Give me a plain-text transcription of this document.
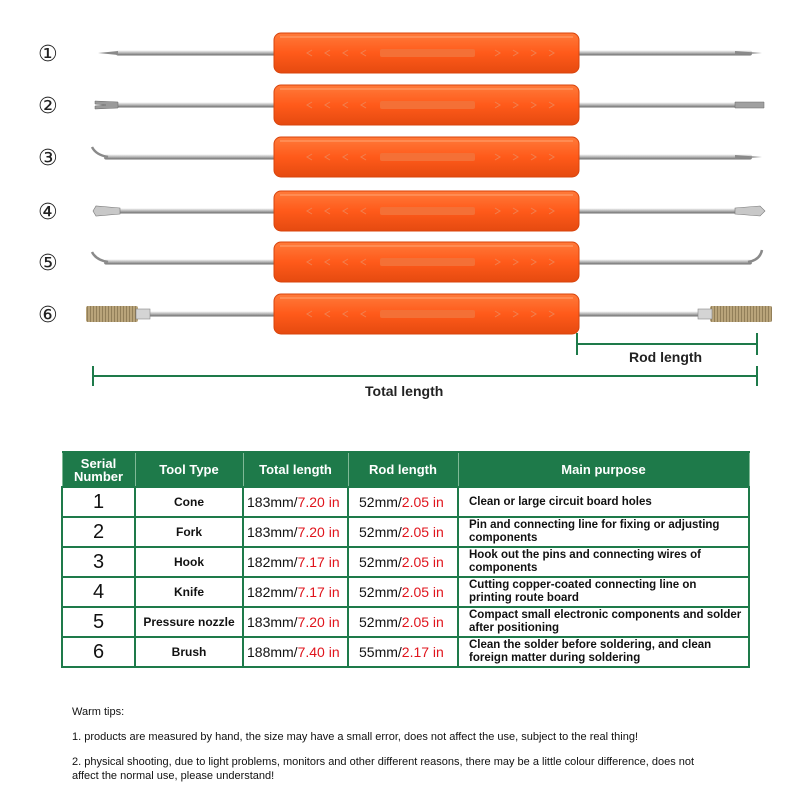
①
②
③
④
⑤
⑥
Rod length
Total length
Serial Number	Tool Type	Total length	Rod length	Main purpose
1	Cone	183mm/7.20 in	52mm/2.05 in	Clean or large circuit board holes
2	Fork	183mm/7.20 in	52mm/2.05 in	Pin and connecting line for fixing or adjusting components
3	Hook	182mm/7.17 in	52mm/2.05 in	Hook out the pins and connecting wires of components
4	Knife	182mm/7.17 in	52mm/2.05 in	Cutting copper-coated connecting line on printing route board
5	Pressure nozzle	183mm/7.20 in	52mm/2.05 in	Compact small electronic components and solder after positioning
6	Brush	188mm/7.40 in	55mm/2.17 in	Clean the solder before soldering, and clean foreign matter during soldering

Warm tips:

1. products are measured by hand, the size may have a small error, does not affect the use, subject to the real thing!

2. physical shooting, due to light problems, monitors and other different reasons, there may be a little colour difference, does not

affect the normal use, please understand!
